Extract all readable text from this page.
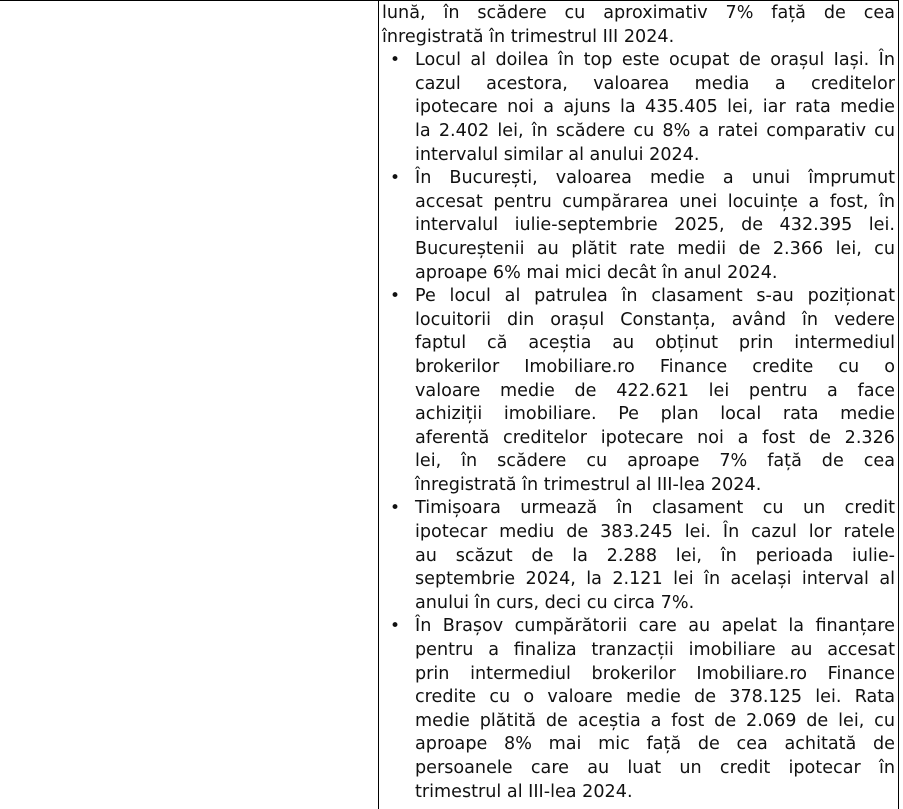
lună, în scădere cu aproximativ 7% față de cea
înregistrată în trimestrul III 2024.
• Locul al doilea în top este ocupat de orașul Iași. În
cazul acestora, valoarea media a creditelor
ipotecare noi a ajuns la 435.405 lei, iar rata medie
la 2.402 lei, în scădere cu 8% a ratei comparativ cu
intervalul similar al anului 2024.
• În București, valoarea medie a unui împrumut
accesat pentru cumpărarea unei locuințe a fost, în
intervalul iulie-septembrie 2025, de 432.395 lei.
Bucureștenii au plătit rate medii de 2.366 lei, cu
aproape 6% mai mici decât în anul 2024.
• Pe locul al patrulea în clasament s-au poziționat
locuitorii din orașul Constanța, având în vedere
faptul că aceștia au obținut prin intermediul
brokerilor Imobiliare.ro Finance credite cu o
valoare medie de 422.621 lei pentru a face
achiziții imobiliare. Pe plan local rata medie
aferentă creditelor ipotecare noi a fost de 2.326
lei, în scădere cu aproape 7% față de cea
înregistrată în trimestrul al III-lea 2024.
• Timișoara urmează în clasament cu un credit
ipotecar mediu de 383.245 lei. În cazul lor ratele
au scăzut de la 2.288 lei, în perioada iulie-
septembrie 2024, la 2.121 lei în același interval al
anului în curs, deci cu circa 7%.
• În Brașov cumpărătorii care au apelat la finanțare
pentru a finaliza tranzacții imobiliare au accesat
prin intermediul brokerilor Imobiliare.ro Finance
credite cu o valoare medie de 378.125 lei. Rata
medie plătită de aceștia a fost de 2.069 de lei, cu
aproape 8% mai mic față de cea achitată de
persoanele care au luat un credit ipotecar în
trimestrul al III-lea 2024.
